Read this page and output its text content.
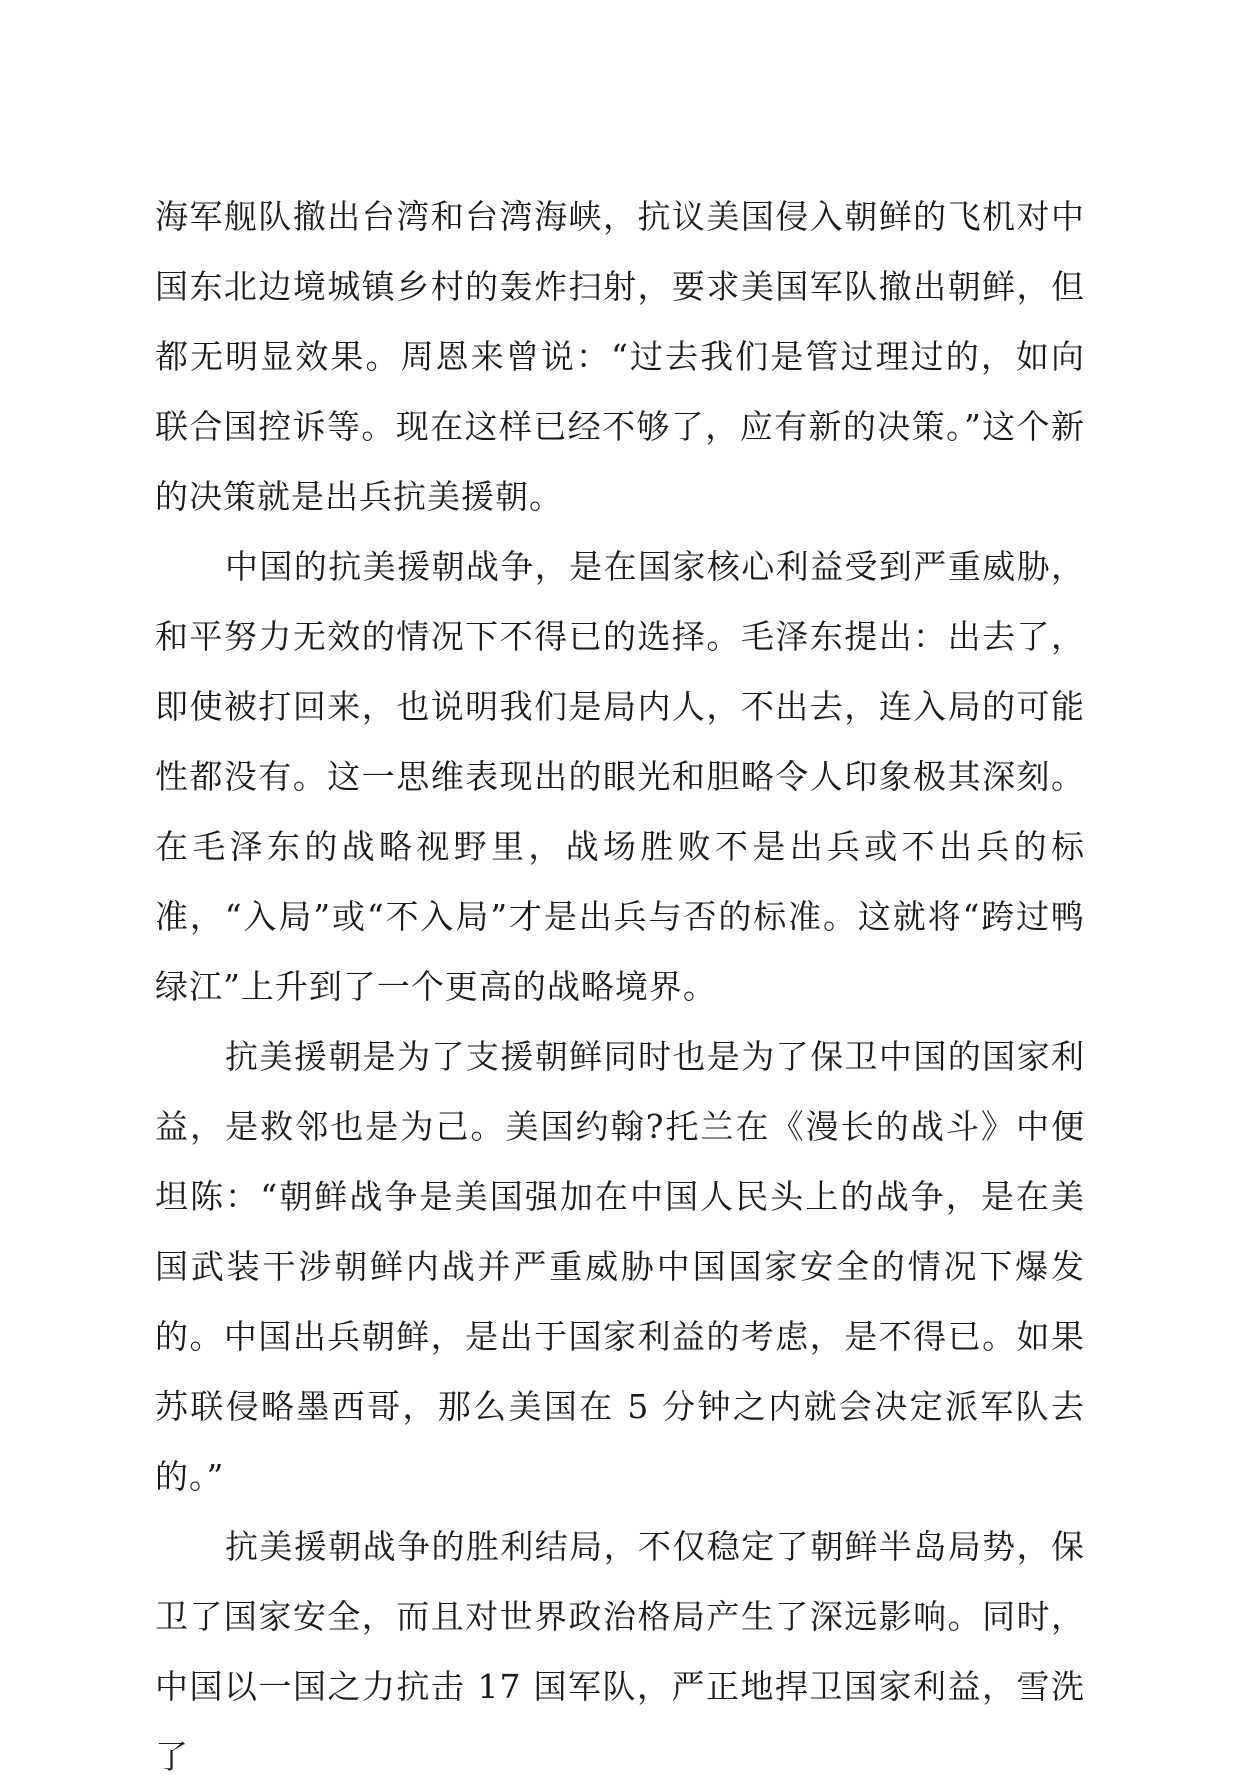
海军舰队撤出台湾和台湾海峡，抗议美国侵入朝鲜的飞机对中国东北边境城镇乡村的轰炸扫射，要求美国军队撤出朝鲜，但都无明显效果。周恩来曾说：“过去我们是管过理过的，如向联合国控诉等。现在这样已经不够了，应有新的决策。”这个新的决策就是出兵抗美援朝。

中国的抗美援朝战争，是在国家核心利益受到严重威胁，和平努力无效的情况下不得已的选择。毛泽东提出：出去了，即使被打回来，也说明我们是局内人，不出去，连入局的可能性都没有。这一思维表现出的眼光和胆略令人印象极其深刻。在毛泽东的战略视野里，战场胜败不是出兵或不出兵的标准，“入局”或“不入局”才是出兵与否的标准。这就将“跨过鸭绿江”上升到了一个更高的战略境界。

抗美援朝是为了支援朝鲜同时也是为了保卫中国的国家利益，是救邻也是为己。美国约翰?托兰在《漫长的战斗》中便坦陈：“朝鲜战争是美国强加在中国人民头上的战争，是在美国武装干涉朝鲜内战并严重威胁中国国家安全的情况下爆发的。中国出兵朝鲜，是出于国家利益的考虑，是不得已。如果苏联侵略墨西哥，那么美国在 5 分钟之内就会决定派军队去的。”

抗美援朝战争的胜利结局，不仅稳定了朝鲜半岛局势，保卫了国家安全，而且对世界政治格局产生了深远影响。同时，中国以一国之力抗击 17 国军队，严正地捍卫国家利益，雪洗了
